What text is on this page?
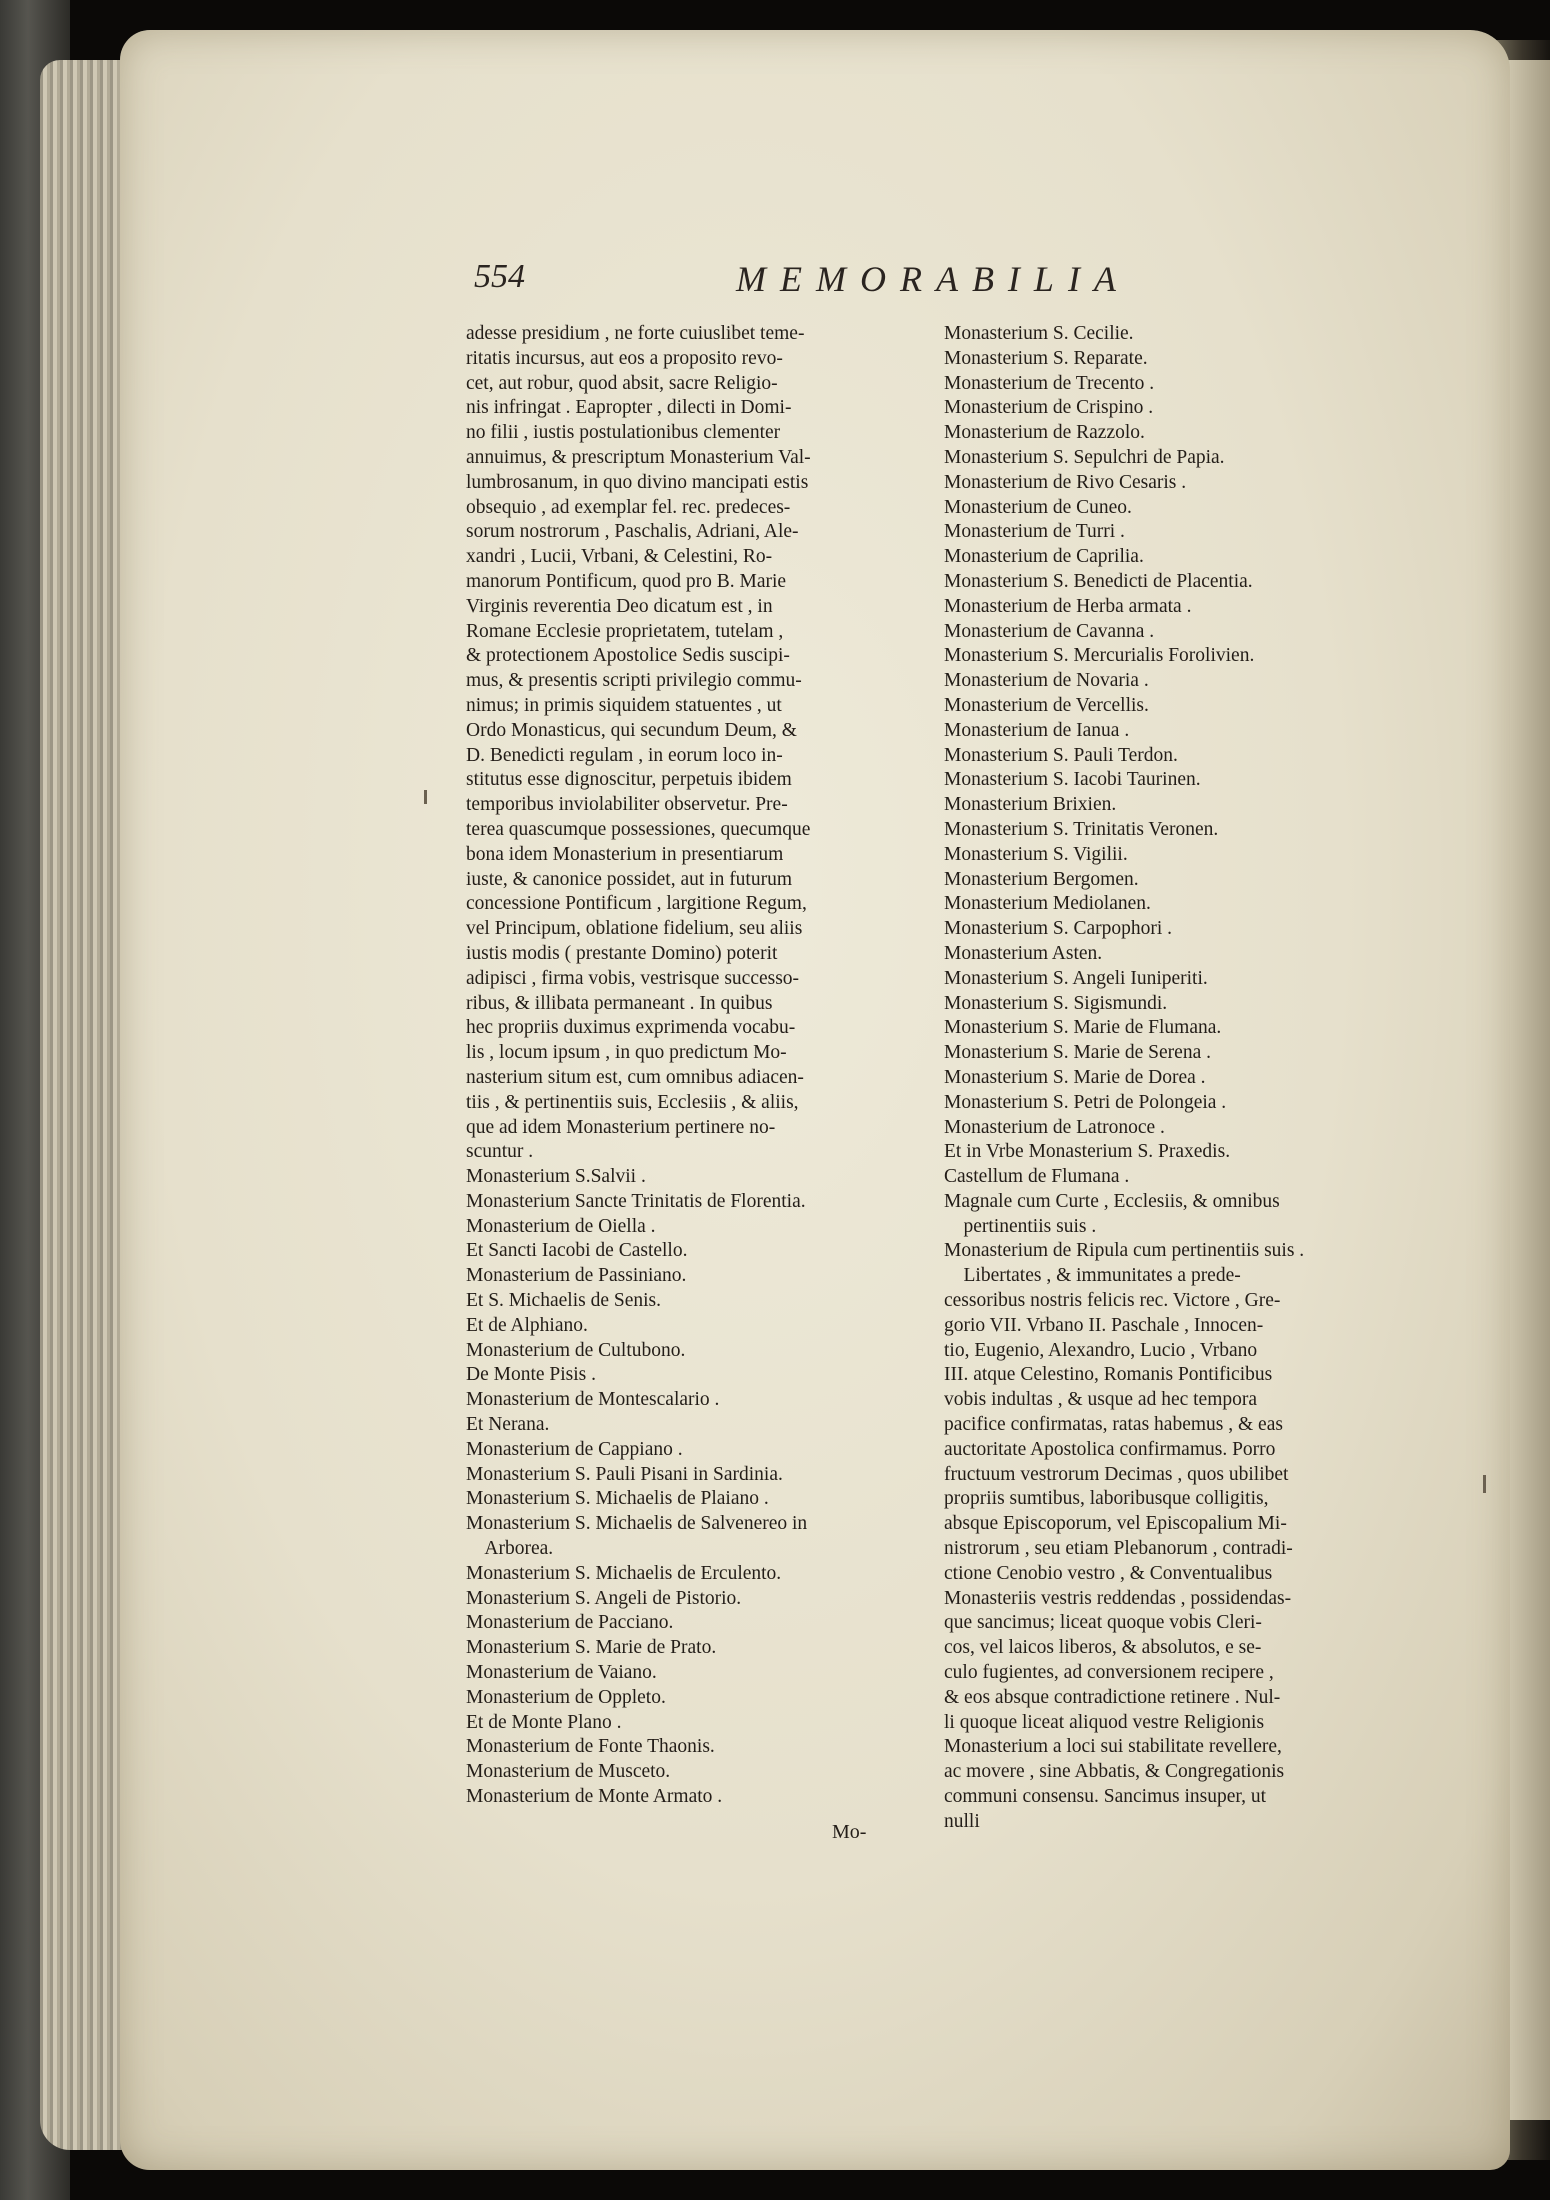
554	MEMORABILIA
adesse presidium , ne forte cuiuslibet teme-
ritatis incursus, aut eos a proposito revo-
cet, aut robur, quod absit, sacre Religio-
nis infringat . Eapropter , dilecti in Domi-
no filii , iustis postulationibus clementer
annuimus, & prescriptum Monasterium Val-
lumbrosanum, in quo divino mancipati estis
obsequio , ad exemplar fel. rec. predeces-
sorum nostrorum , Paschalis, Adriani, Ale-
xandri , Lucii, Vrbani, & Celestini, Ro-
manorum Pontificum, quod pro B. Marie
Virginis reverentia Deo dicatum est , in
Romane Ecclesie proprietatem, tutelam ,
& protectionem Apostolice Sedis suscipi-
mus, & presentis scripti privilegio commu-
nimus; in primis siquidem statuentes , ut
Ordo Monasticus, qui secundum Deum, &
D. Benedicti regulam , in eorum loco in-
stitutus esse dignoscitur, perpetuis ibidem
temporibus inviolabiliter observetur. Pre-
terea quascumque possessiones, quecumque
bona idem Monasterium in presentiarum
iuste, & canonice possidet, aut in futurum
concessione Pontificum , largitione Regum,
vel Principum, oblatione fidelium, seu aliis
iustis modis ( prestante Domino) poterit
adipisci , firma vobis, vestrisque successo-
ribus, & illibata permaneant . In quibus
hec propriis duximus exprimenda vocabu-
lis , locum ipsum , in quo predictum Mo-
nasterium situm est, cum omnibus adiacen-
tiis , & pertinentiis suis, Ecclesiis , & aliis,
que ad idem Monasterium pertinere no-
scuntur .
Monasterium S.Salvii .
Monasterium Sancte Trinitatis de Florentia.
Monasterium de Oiella .
Et Sancti Iacobi de Castello.
Monasterium de Passiniano.
Et S. Michaelis de Senis.
Et de Alphiano.
Monasterium de Cultubono.
De Monte Pisis .
Monasterium de Montescalario .
Et Nerana.
Monasterium de Cappiano .
Monasterium S. Pauli Pisani in Sardinia.
Monasterium S. Michaelis de Plaiano .
Monasterium S. Michaelis de Salvenereo in
Arborea.
Monasterium S. Michaelis de Erculento.
Monasterium S. Angeli de Pistorio.
Monasterium de Pacciano.
Monasterium S. Marie de Prato.
Monasterium de Vaiano.
Monasterium de Oppleto.
Et de Monte Plano .
Monasterium de Fonte Thaonis.
Monasterium de Musceto.
Monasterium de Monte Armato .
Monasterium S. Cecilie.
Monasterium S. Reparate.
Monasterium de Trecento .
Monasterium de Crispino .
Monasterium de Razzolo.
Monasterium S. Sepulchri de Papia.
Monasterium de Rivo Cesaris .
Monasterium de Cuneo.
Monasterium de Turri .
Monasterium de Caprilia.
Monasterium S. Benedicti de Placentia.
Monasterium de Herba armata .
Monasterium de Cavanna .
Monasterium S. Mercurialis Forolivien.
Monasterium de Novaria .
Monasterium de Vercellis.
Monasterium de Ianua .
Monasterium S. Pauli Terdon.
Monasterium S. Iacobi Taurinen.
Monasterium Brixien.
Monasterium S. Trinitatis Veronen.
Monasterium S. Vigilii.
Monasterium Bergomen.
Monasterium Mediolanen.
Monasterium S. Carpophori .
Monasterium Asten.
Monasterium S. Angeli Iuniperiti.
Monasterium S. Sigismundi.
Monasterium S. Marie de Flumana.
Monasterium S. Marie de Serena .
Monasterium S. Marie de Dorea .
Monasterium S. Petri de Polongeia .
Monasterium de Latronoce .
Et in Vrbe Monasterium S. Praxedis.
Castellum de Flumana .
Magnale cum Curte , Ecclesiis, & omnibus
pertinentiis suis .
Monasterium de Ripula cum pertinentiis suis .
Libertates , & immunitates a prede-
cessoribus nostris felicis rec. Victore , Gre-
gorio VII. Vrbano II. Paschale , Innocen-
tio, Eugenio, Alexandro, Lucio , Vrbano
III. atque Celestino, Romanis Pontificibus
vobis indultas , & usque ad hec tempora
pacifice confirmatas, ratas habemus , & eas
auctoritate Apostolica confirmamus. Porro
fructuum vestrorum Decimas , quos ubilibet
propriis sumtibus, laboribusque colligitis,
absque Episcoporum, vel Episcopalium Mi-
nistrorum , seu etiam Plebanorum , contradi-
ctione Cenobio vestro , & Conventualibus
Monasteriis vestris reddendas , possidendas-
que sancimus; liceat quoque vobis Cleri-
cos, vel laicos liberos, & absolutos, e se-
culo fugientes, ad conversionem recipere ,
& eos absque contradictione retinere . Nul-
li quoque liceat aliquod vestre Religionis
Monasterium a loci sui stabilitate revellere,
ac movere , sine Abbatis, & Congregationis
communi consensu. Sancimus insuper, ut
nulli
Mo-
